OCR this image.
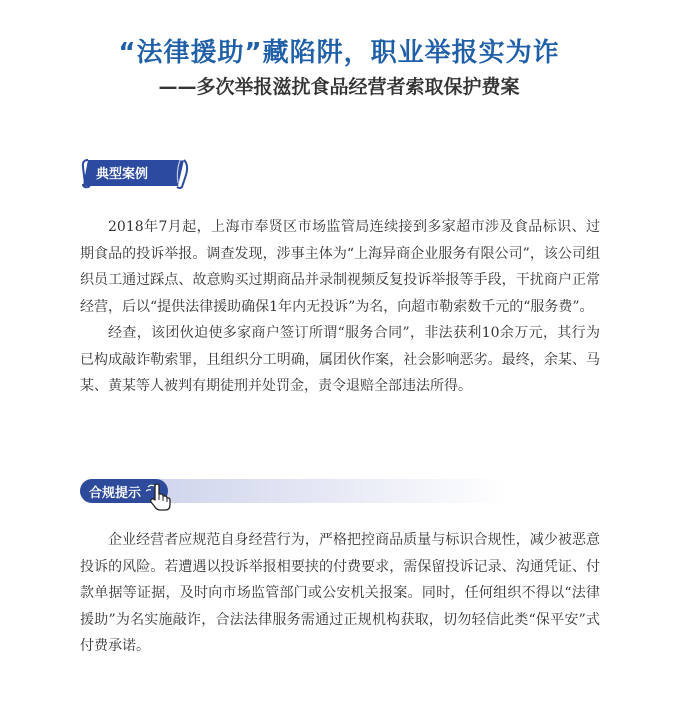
“法律援助”藏陷阱，职业举报实为诈
——多次举报滋扰食品经营者索取保护费案
典型案例

2018年7月起，上海市奉贤区市场监管局连续接到多家超市涉及食品标识、过期食品的投诉举报。调查发现，涉事主体为“上海异商企业服务有限公司”，该公司组织员工通过踩点、故意购买过期商品并录制视频反复投诉举报等手段，干扰商户正常经营，后以“提供法律援助确保1年内无投诉”为名，向超市勒索数千元的“服务费”。

经查，该团伙迫使多家商户签订所谓“服务合同”，非法获利10余万元，其行为已构成敲诈勒索罪，且组织分工明确，属团伙作案，社会影响恶劣。最终，余某、马某、黄某等人被判有期徒刑并处罚金，责令退赔全部违法所得。

合规提示

企业经营者应规范自身经营行为，严格把控商品质量与标识合规性，减少被恶意投诉的风险。若遭遇以投诉举报相要挟的付费要求，需保留投诉记录、沟通凭证、付款单据等证据，及时向市场监管部门或公安机关报案。同时，任何组织不得以“法律援助”为名实施敲诈，合法法律服务需通过正规机构获取，切勿轻信此类“保平安”式付费承诺。
